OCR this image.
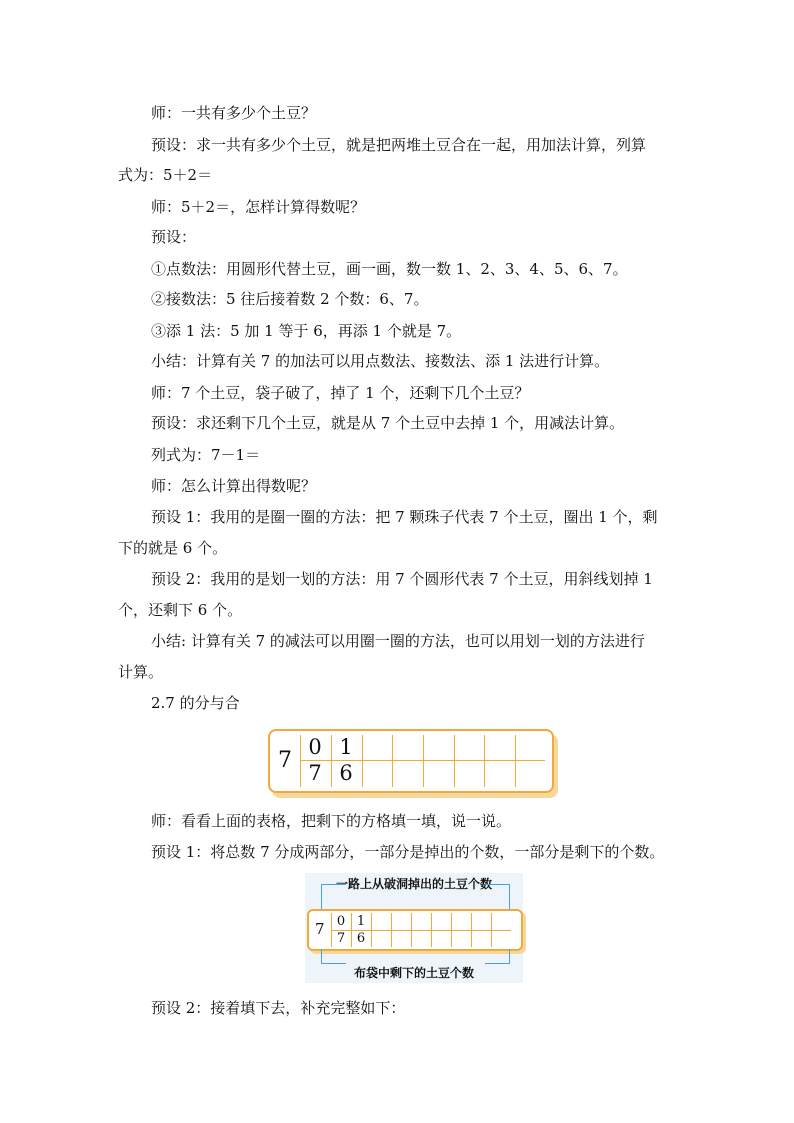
师：一共有多少个土豆？
预设：求一共有多少个土豆，就是把两堆土豆合在一起，用加法计算，列算
式为：5＋2＝
师：5＋2＝，怎样计算得数呢？
预设：
①点数法：用圆形代替土豆，画一画，数一数 1、2、3、4、5、6、7。
②接数法：5 往后接着数 2 个数：6、7。
③添 1 法：5 加 1 等于 6，再添 1 个就是 7。
小结：计算有关 7 的加法可以用点数法、接数法、添 1 法进行计算。
师：7 个土豆，袋子破了，掉了 1 个，还剩下几个土豆？
预设：求还剩下几个土豆，就是从 7 个土豆中去掉 1 个，用减法计算。
列式为：7－1＝
师：怎么计算出得数呢？
预设 1：我用的是圈一圈的方法：把 7 颗珠子代表 7 个土豆，圈出 1 个，剩
下的就是 6 个。
预设 2：我用的是划一划的方法：用 7 个圆形代表 7 个土豆，用斜线划掉 1
个，还剩下 6 个。
小结: 计算有关 7 的减法可以用圈一圈的方法，也可以用划一划的方法进行
计算。
2.7 的分与合
7
0 1
7 6
师：看看上面的表格，把剩下的方格填一填，说一说。
预设 1：将总数 7 分成两部分，一部分是掉出的个数，一部分是剩下的个数。
一路上从破洞掉出的土豆个数
7 0 1
7 6
布袋中剩下的土豆个数
预设 2：接着填下去，补充完整如下：
